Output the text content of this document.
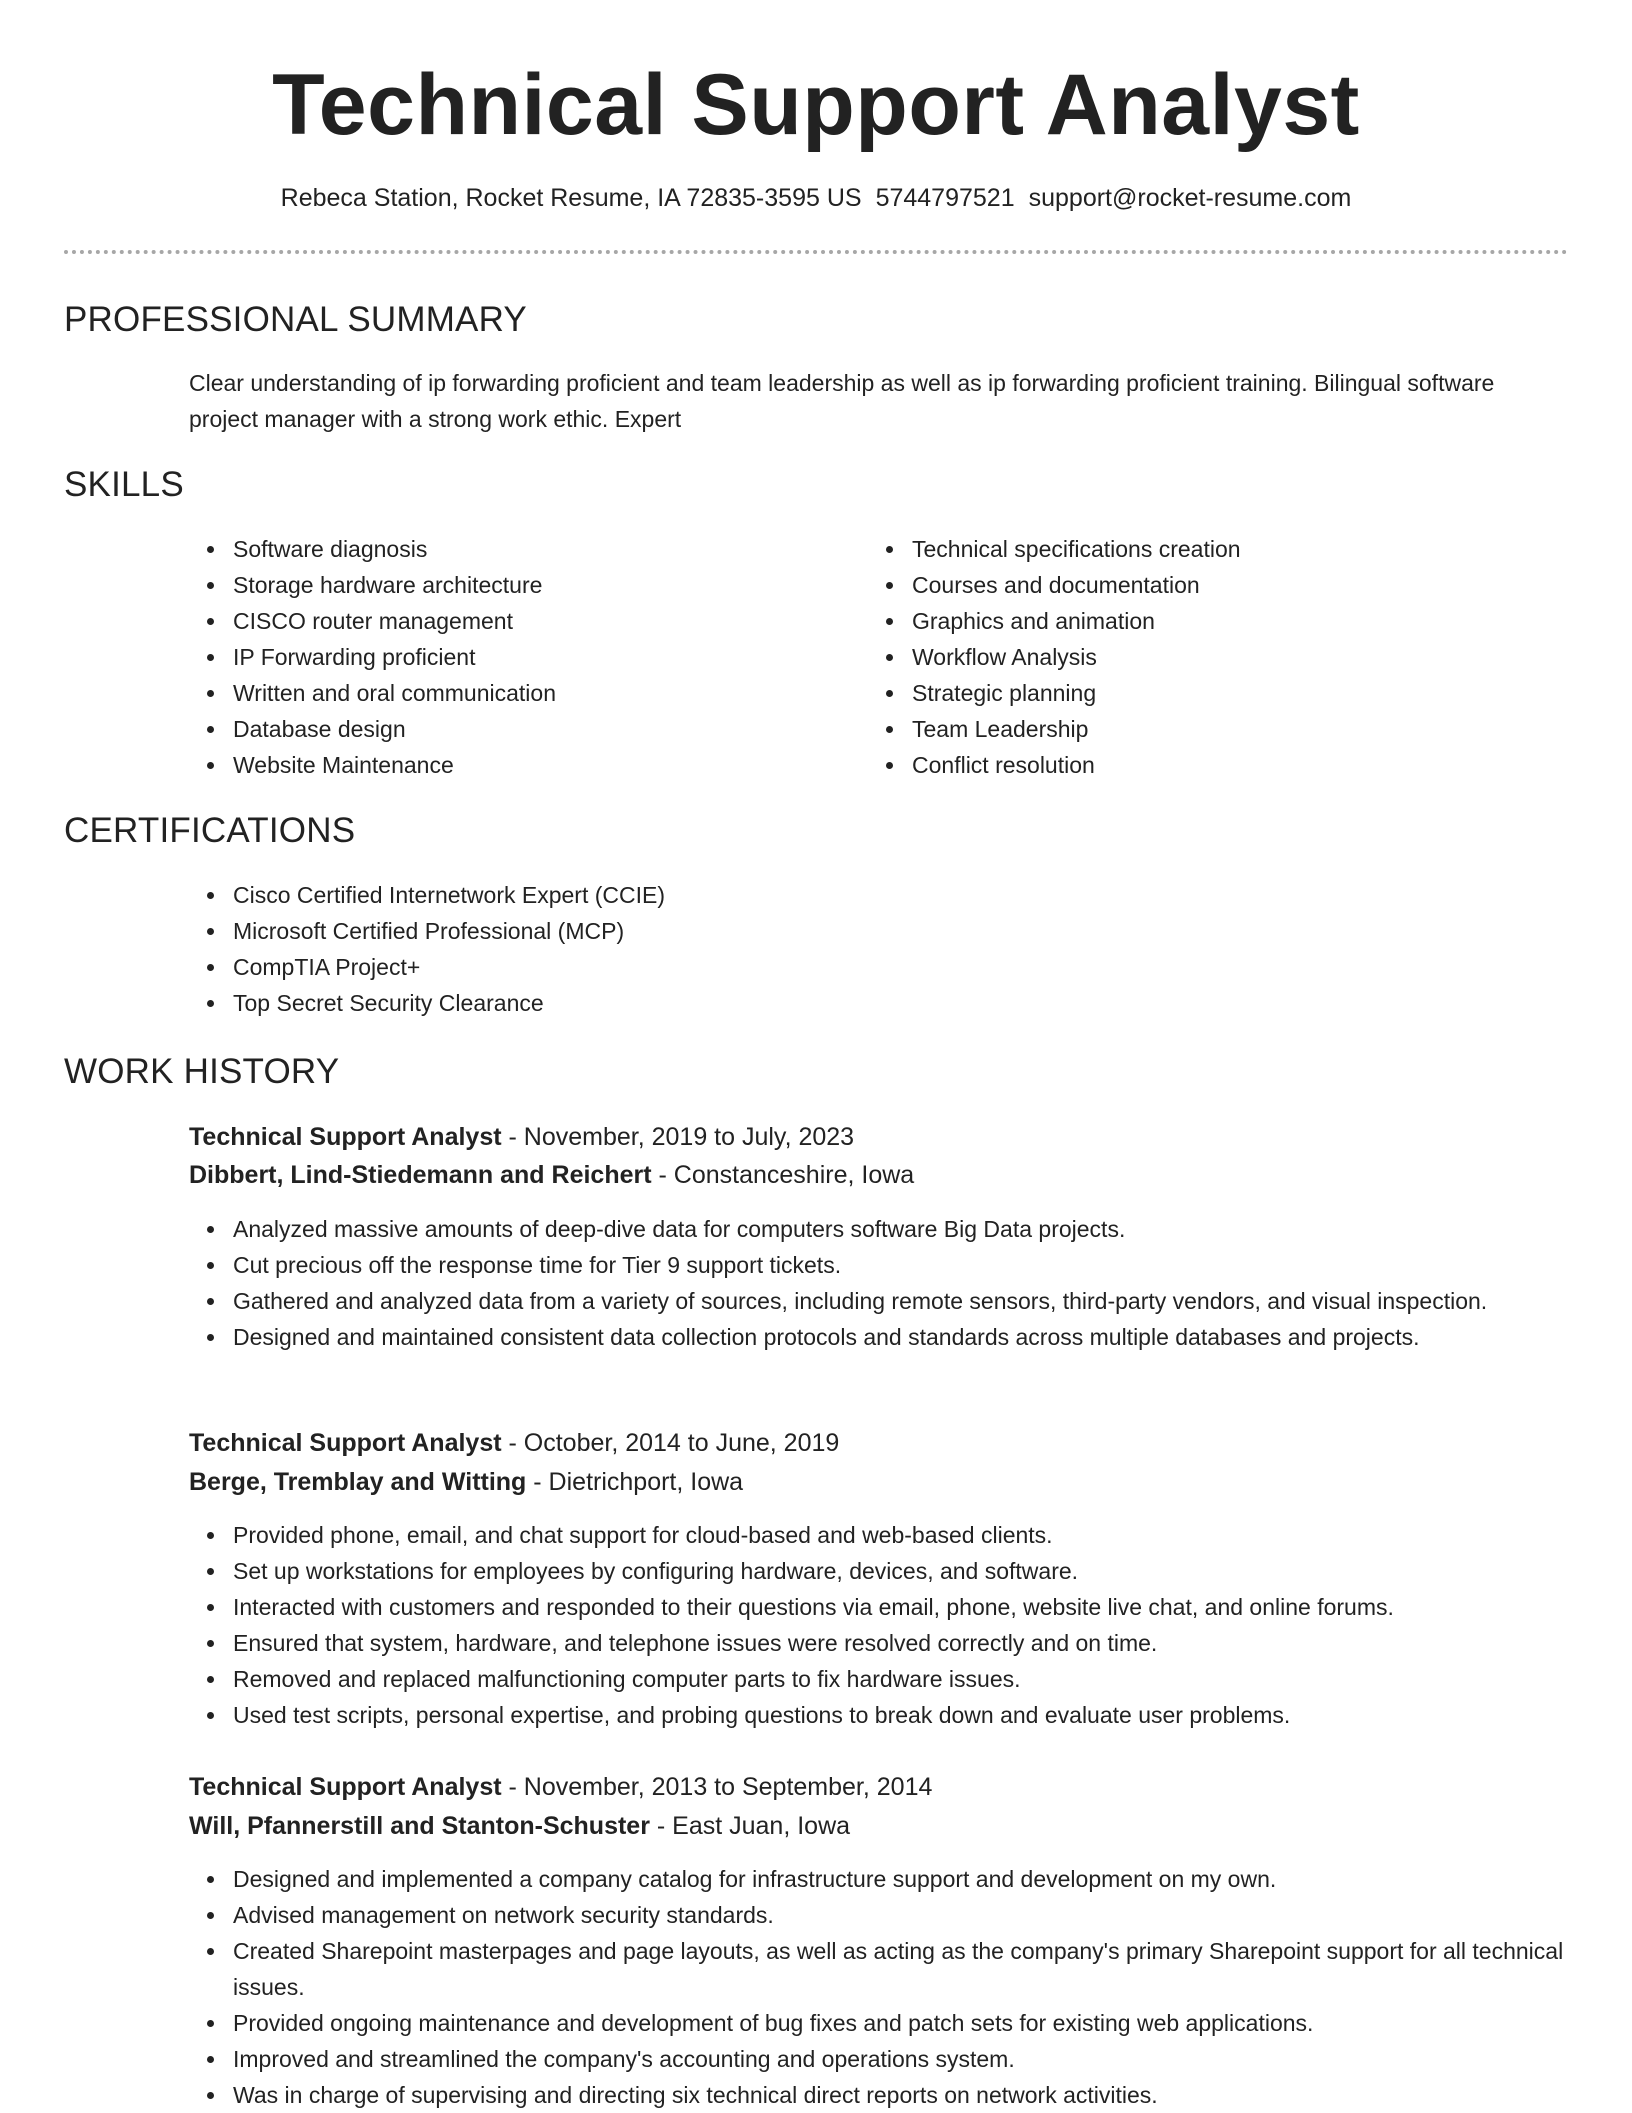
Technical Support Analyst
Rebeca Station, Rocket Resume, IA 72835-3595 US 5744797521 support@rocket-resume.com
PROFESSIONAL SUMMARY

Clear understanding of ip forwarding proficient and team leadership as well as ip forwarding proficient training. Bilingual software project manager with a strong work ethic. Expert

SKILLS
Software diagnosis
Storage hardware architecture
CISCO router management
IP Forwarding proficient
Written and oral communication
Database design
Website Maintenance
Technical specifications creation
Courses and documentation
Graphics and animation
Workflow Analysis
Strategic planning
Team Leadership
Conflict resolution
CERTIFICATIONS
Cisco Certified Internetwork Expert (CCIE)
Microsoft Certified Professional (MCP)
CompTIA Project+
Top Secret Security Clearance
WORK HISTORY

Technical Support Analyst - November, 2019 to July, 2023

Dibbert, Lind-Stiedemann and Reichert - Constanceshire, Iowa

Analyzed massive amounts of deep-dive data for computers software Big Data projects.
Cut precious off the response time for Tier 9 support tickets.
Gathered and analyzed data from a variety of sources, including remote sensors, third-party vendors, and visual inspection.
Designed and maintained consistent data collection protocols and standards across multiple databases and projects.

Technical Support Analyst - October, 2014 to June, 2019

Berge, Tremblay and Witting - Dietrichport, Iowa

Provided phone, email, and chat support for cloud-based and web-based clients.
Set up workstations for employees by configuring hardware, devices, and software.
Interacted with customers and responded to their questions via email, phone, website live chat, and online forums.
Ensured that system, hardware, and telephone issues were resolved correctly and on time.
Removed and replaced malfunctioning computer parts to fix hardware issues.
Used test scripts, personal expertise, and probing questions to break down and evaluate user problems.

Technical Support Analyst - November, 2013 to September, 2014

Will, Pfannerstill and Stanton-Schuster - East Juan, Iowa

Designed and implemented a company catalog for infrastructure support and development on my own.
Advised management on network security standards.
Created Sharepoint masterpages and page layouts, as well as acting as the company's primary Sharepoint support for all technical issues.
Provided ongoing maintenance and development of bug fixes and patch sets for existing web applications.
Improved and streamlined the company's accounting and operations system.
Was in charge of supervising and directing six technical direct reports on network activities.
